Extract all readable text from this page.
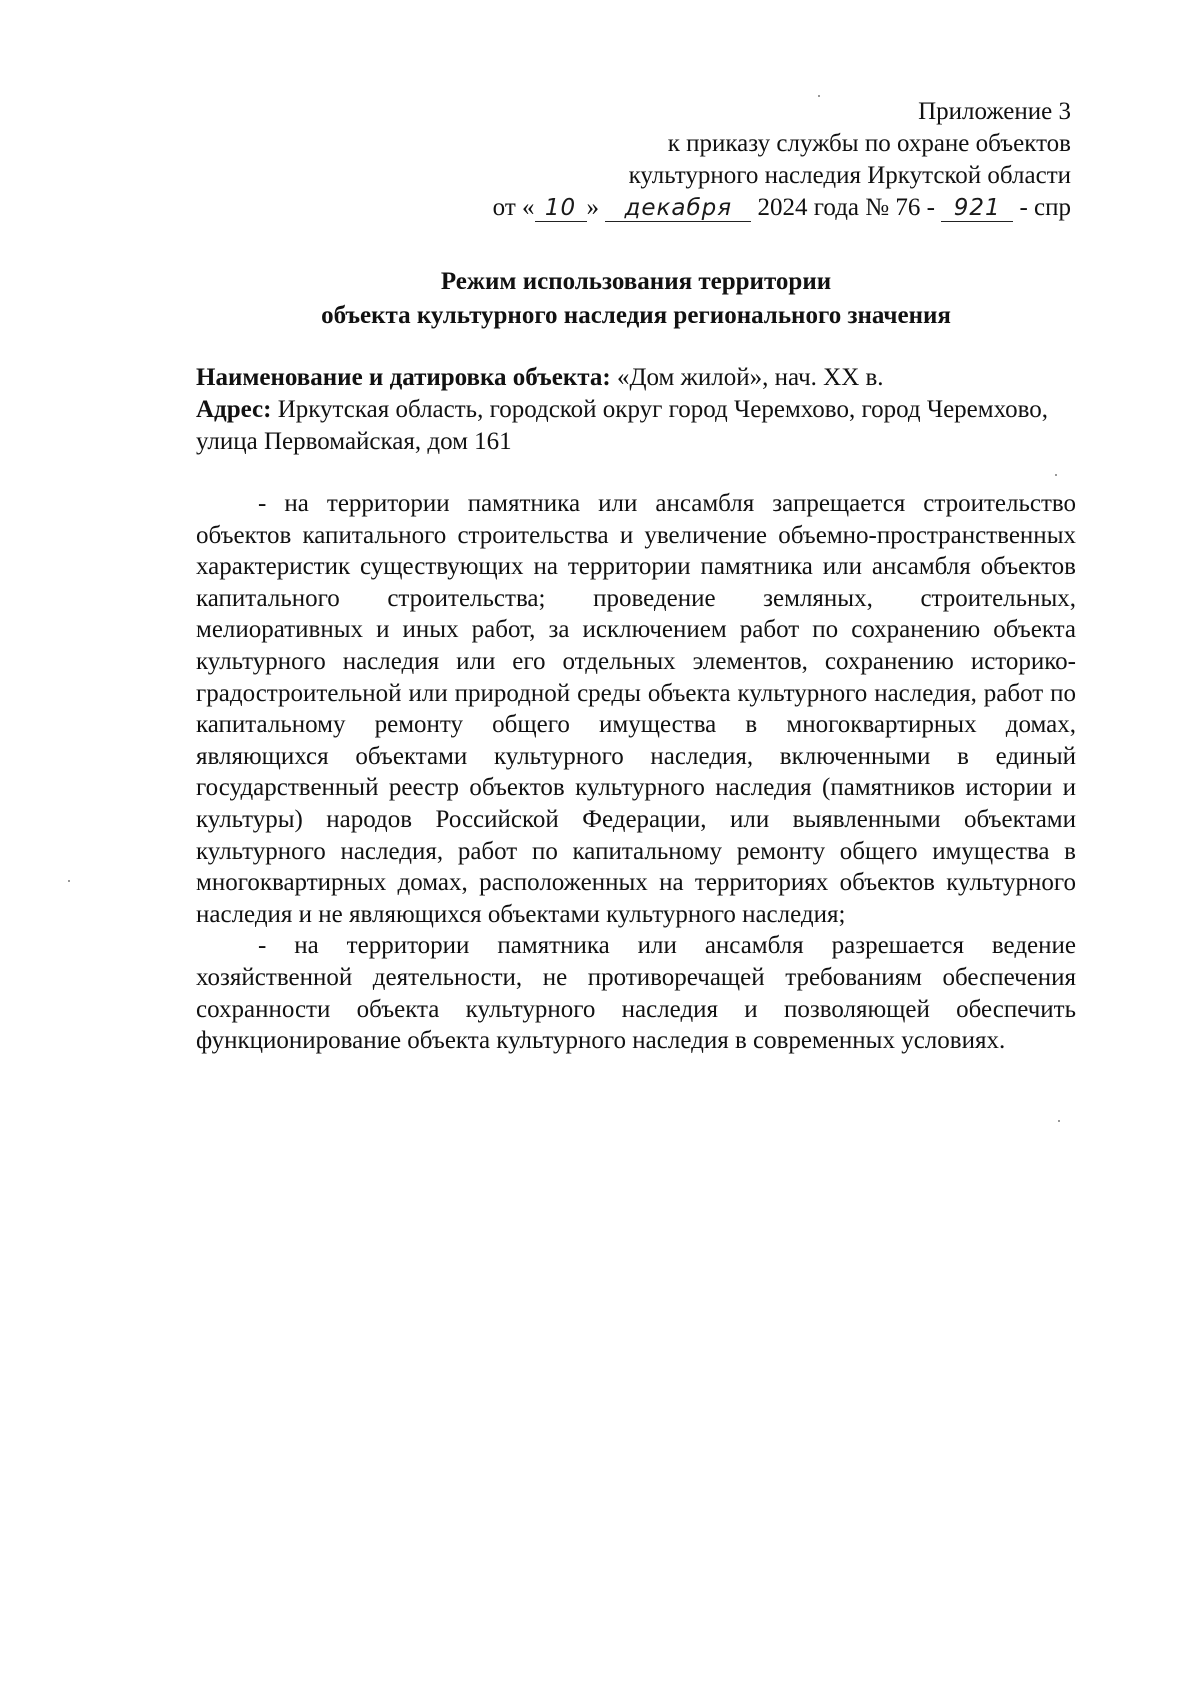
Приложение 3
к приказу службы по охране объектов
культурного наследия Иркутской области
от « 10 » декабря 2024 года № 76 - 921 - спр
Режим использования территории
объекта культурного наследия регионального значения
Наименование и датировка объекта: «Дом жилой», нач. XX в.
Адрес: Иркутская область, городской округ город Черемхово, город Черемхово, улица Первомайская, дом 161

- на территории памятника или ансамбля запрещается строительство объектов капитального строительства и увеличение объемно-пространственных характеристик существующих на территории памятника или ансамбля объектов капитального строительства; проведение земляных, строительных, мелиоративных и иных работ, за исключением работ по сохранению объекта культурного наследия или его отдельных элементов, сохранению историко-градостроительной или природной среды объекта культурного наследия, работ по капитальному ремонту общего имущества в многоквартирных домах, являющихся объектами культурного наследия, включенными в единый государственный реестр объектов культурного наследия (памятников истории и культуры) народов Российской Федерации, или выявленными объектами культурного наследия, работ по капитальному ремонту общего имущества в многоквартирных домах, расположенных на территориях объектов культурного наследия и не являющихся объектами культурного наследия;

- на территории памятника или ансамбля разрешается ведение хозяйственной деятельности, не противоречащей требованиям обеспечения сохранности объекта культурного наследия и позволяющей обеспечить функционирование объекта культурного наследия в современных условиях.
